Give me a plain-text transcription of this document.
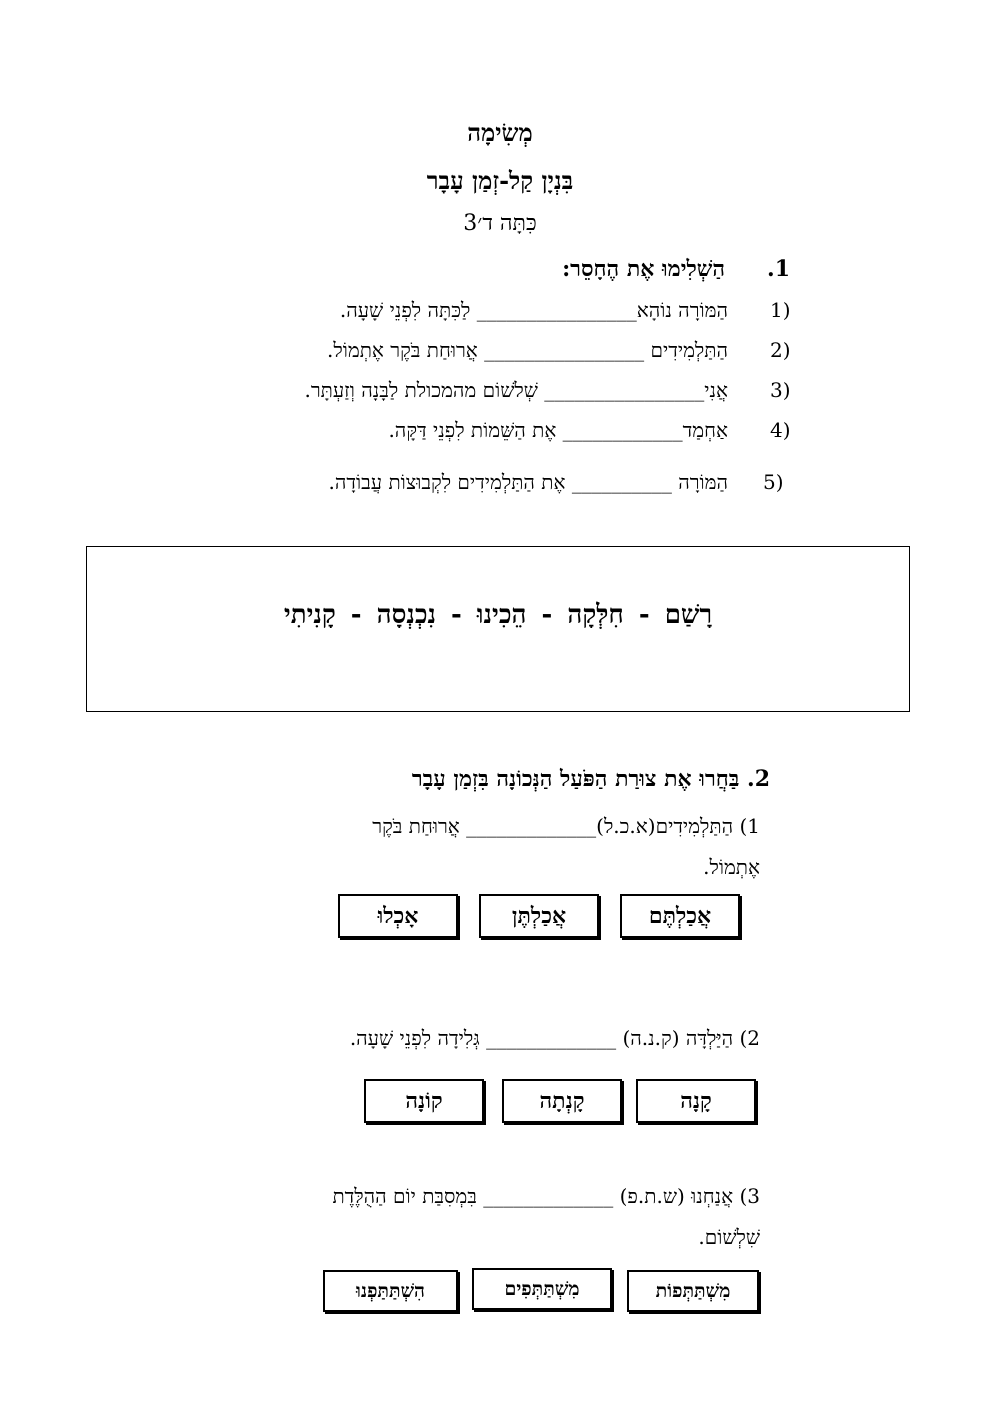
מְשִׂימָה
בִּנְיָן קַל-זְמַן עָבָר
כִּתָּה ד׳3
1.
הַשְׁלִימוּ אֶת הֶחָסֵר:
1)
הַמּוֹרָה נוֹהָא________________ לַכִּתָּה לִפְנֵי שָׁעָה.
2)
הַתַּלְמִידִים ________________ אֲרוּחַת בֹּקֶר אֶתְמוֹל.
3)
אֲנִי________________ שְׁלֹשׁוֹם מהמכולת לַבָּנָה וְזַעְתָּר.
4)
אַחְמַד____________ אֶת הַשֵּׁמוֹת לִפְנֵי דַּקָּה.
5)
הַמּוֹרָה __________ אֶת הַתַּלְמִידִים לִקְבוּצוֹת עֲבוֹדָה.
רָשַׁם - חִלְּקָה - הֵכִינוּ - נִכְנְסָה - קָנִיתִי
2. בַּחֲרוּ אֶת צוּרַת הַפֹּעַל הַנְּכוֹנָה בִּזְמַן עָבָר
1) הַתַּלְמִידִים(א.כ.ל)_____________ אֲרוּחַת בֹּקֶר
אֶתְמוֹל.
אֲכַלְתֶּם
אֲכַלְתֶּן
אָכְלוּ
2) הַיַּלְדָּה (ק.נ.ה) _____________ גְּלִידָה לִפְנֵי שָׁעָה.
קָנָה
קָנְתָה
קוֹנָה
3) אֲנַחְנוּ (ש.ת.פ) _____________ בִּמְסִבַּת יוֹם הַהֻלֶּדֶת
שִׁלְשׁוֹם.
מִשְׁתַּתְּפוֹת
מִשְׁתַּתְּפִים
הִשְׁתַּתַּפְנוּ
